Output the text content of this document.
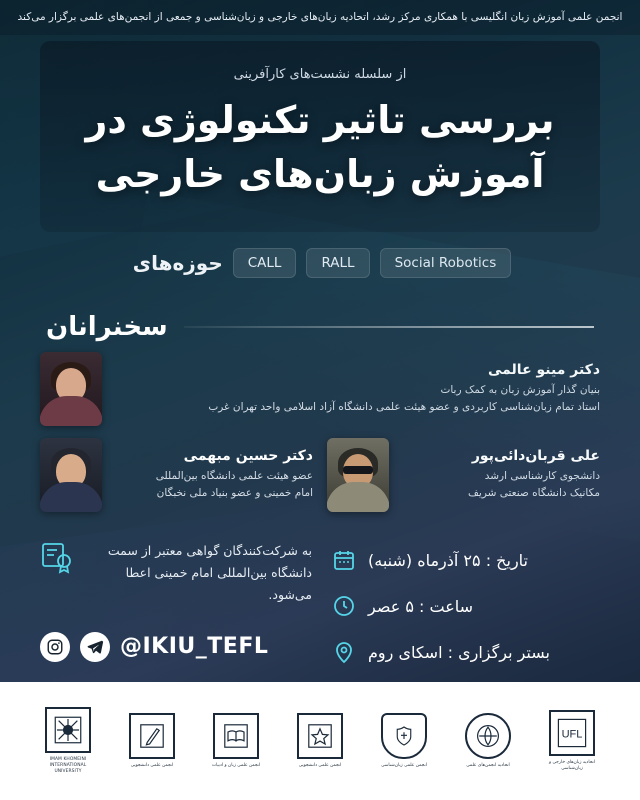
انجمن علمی آموزش زبان انگلیسی با همکاری مرکز رشد، اتحادیه زبان‌های خارجی و زبان‌شناسی و جمعی از انجمن‌های علمی برگزار می‌کند
از سلسله نشست‌های کارآفرینی
بررسی تاثیر تکنولوژی در
آموزش زبان‌های خارجی
حوزه‌های	CALL	RALL	Social Robotics
سخنرانان
دکتر مینو عالمی
بنیان گذار آموزش زبان به کمک ربات
استاد تمام زبان‌شناسی کاربردی و عضو هیئت علمی دانشگاه آزاد اسلامی واحد تهران غرب
دکتر حسین مبهمی
عضو هیئت علمی دانشگاه بین‌المللی
امام خمینی و عضو بنیاد ملی نخبگان
علی قربان‌دائی‌پور
دانشجوی کارشناسی ارشد
مکانیک دانشگاه صنعتی شریف
تاریخ : ۲۵ آذرماه (شنبه)
ساعت : ۵ عصر
بستر برگزاری : اسکای روم
به شرکت‌کنندگان گواهی معتبر از سمت
دانشگاه بین‌المللی امام خمینی اعطا می‌شود.
@IKIU_TEFL
IMAM KHOMEINI
INTERNATIONAL UNIVERSITY
انجمن علمی دانشجویی	انجمن علمی زبان و ادبیات	انجمن علمی دانشجویی	انجمن علمی زبان‌شناسی	اتحادیه انجمن‌های علمی
UFL
اتحادیه زبان‌های خارجی و زبان‌شناسی
